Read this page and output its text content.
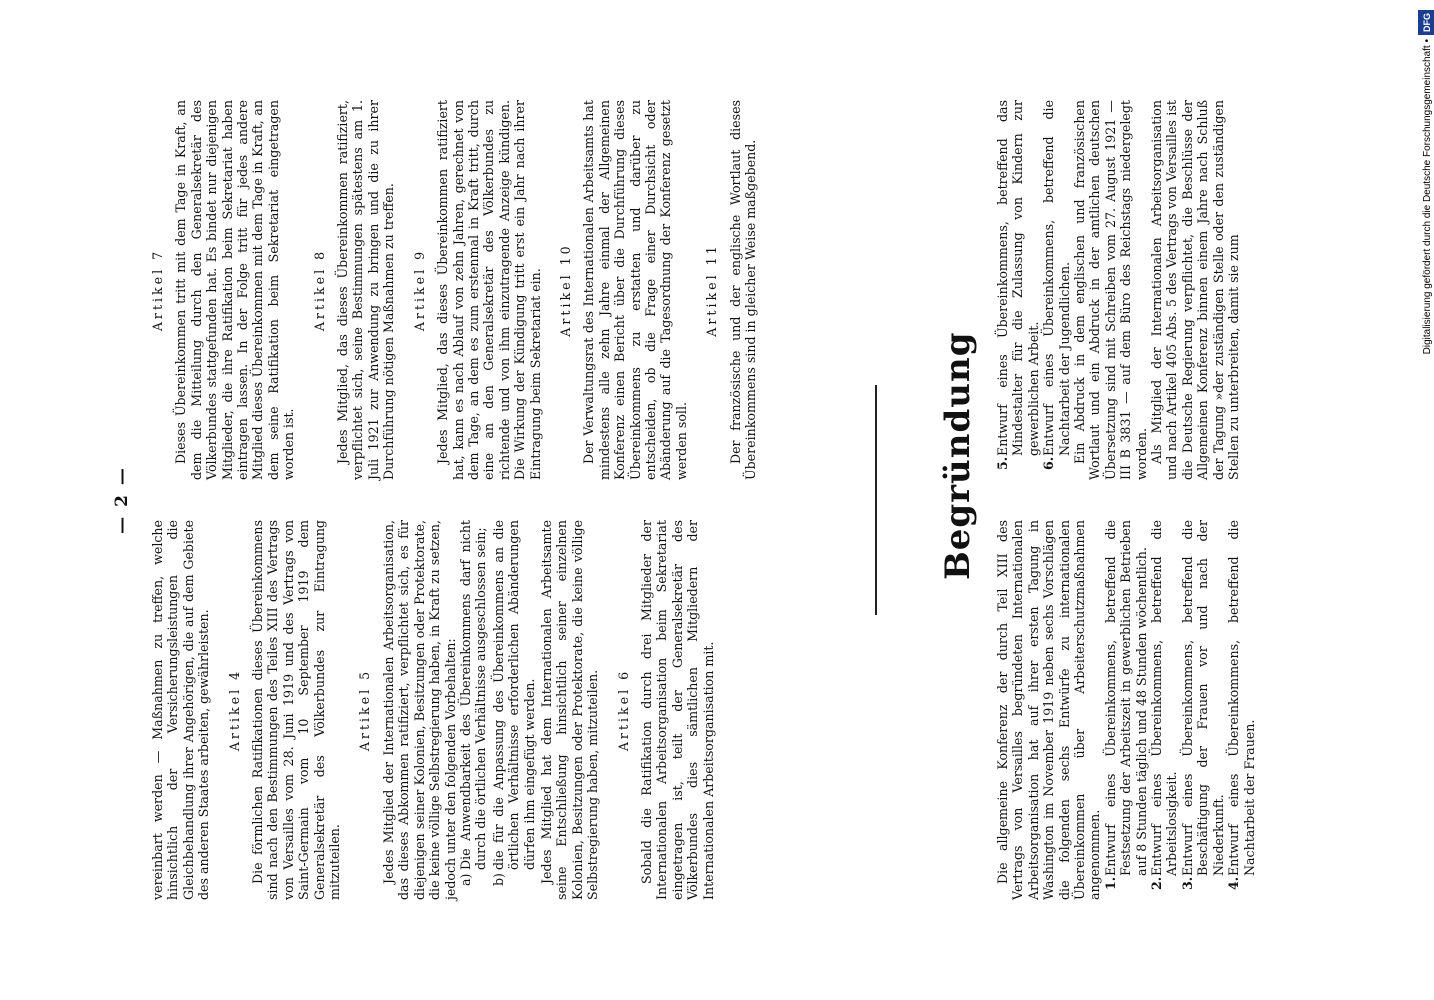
— 2 —

vereinbart werden — Maßnahmen zu treffen, welche hinsichtlich der Versicherungsleistungen die Gleichbehandlung ihrer Angehörigen, die auf dem Gebiete des anderen Staates arbeiten, gewährleisten. Artikel 4 Die förmlichen Ratifikationen dieses Übereinkommens sind nach den Bestimmungen des Teiles XIII des Vertrags von Versailles vom 28. Juni 1919 und des Vertrags von Saint-Germain vom 10 September 1919 dem Generalsekretär des Völkerbundes zur Eintragung mitzuteilen.

Artikel 5 Jedes Mitglied der Internationalen Arbeitsorganisation, das dieses Abkommen ratifiziert, verpflichtet sich, es für diejenigen seiner Kolonien, Besitzungen oder Protektorate, die keine völlige Selbstregierung haben, in Kraft zu setzen, jedoch unter den folgenden Vorbehalten: a)
Die Anwendbarkeit des Übereinkommens darf nicht durch die örtlichen Verhältnisse ausgeschlossen sein;
b)
die für die Anpassung des Übereinkommens an die örtlichen Verhältnisse erforderlichen Abänderungen dürfen ihm eingefügt werden. Jedes Mitglied hat dem Internationalen Arbeitsamte seine Entschließung hinsichtlich seiner einzelnen Kolonien, Besitzungen oder Protektorate, die keine völlige Selbstregierung haben, mitzuteilen. Artikel 6 Sobald die Ratifikation durch drei Mitglieder der Internationalen Arbeitsorganisation beim Sekretariat eingetragen ist, teilt der Generalsekretär des Völkerbundes dies sämtlichen Mitgliedern der Internationalen Arbeitsorganisation mit.

Artikel 7 Dieses Übereinkommen tritt mit dem Tage in Kraft, an dem die Mitteilung durch den Generalsekretär des Völkerbundes stattgefunden hat. Es bindet nur diejenigen Mitglieder, die ihre Ratifikation beim Sekretariat haben eintragen lassen. In der Folge tritt für jedes andere Mitglied dieses Übereinkommen mit dem Tage in Kraft, an dem seine Ratifikation beim Sekretariat eingetragen worden ist.

Artikel 8 Jedes Mitglied, das dieses Übereinkommen ratifiziert, verpflichtet sich, seine Bestimmungen spätestens am 1. Juli 1921 zur Anwendung zu bringen und die zu ihrer Durchführung nötigen Maßnahmen zu treffen. Artikel 9 Jedes Mitglied, das dieses Übereinkommen ratifiziert hat, kann es nach Ablauf von zehn Jahren, gerechnet von dem Tage, an dem es zum erstenmal in Kraft tritt, durch eine an den Generalsekretär des Völkerbundes zu richtende und von ihm einzutragende Anzeige kündigen. Die Wirkung der Kündigung tritt erst ein Jahr nach ihrer Eintragung beim Sekretariat ein. Artikel 10 Der Verwaltungsrat des Internationalen Arbeitsamts hat mindestens alle zehn Jahre einmal der Allgemeinen Konferenz einen Bericht über die Durchführung dieses Übereinkommens zu erstatten und darüber zu entscheiden, ob die Frage einer Durchsicht oder Abänderung auf die Tagesordnung der Konferenz gesetzt werden soll.

Artikel 11 Der französische und der englische Wortlaut dieses Übereinkommens sind in gleicher Weise maßgebend.	Begründung

Die allgemeine Konferenz der durch Teil XIII des Vertrags von Versailles begründeten Internationalen Arbeitsorganisation hat auf ihrer ersten Tagung in Washington im November 1919 neben sechs Vorschlägen die folgenden sechs Entwürfe zu internationalen Übereinkommen über Arbeiterschutzmaßnahmen angenommen. 1.
Entwurf eines Übereinkommens, betreffend die Festsetzung der Arbeitszeit in gewerblichen Betrieben auf 8 Stunden täglich und 48 Stunden wöchentlich.
2.
Entwurf eines Übereinkommens, betreffend die Arbeitslosigkeit.
3.
Entwurf eines Übereinkommens, betreffend die Beschäftigung der Frauen vor und nach der Niederkunft.
4.
Entwurf eines Übereinkommens, betreffend die Nachtarbeit der Frauen.
5.
Entwurf eines Übereinkommens, betreffend das Mindestalter für die Zulassung von Kindern zur gewerblichen Arbeit.
6.
Entwurf eines Übereinkommens, betreffend die Nachtarbeit der Jugendlichen. Ein Abdruck in dem englischen und französischen Wortlaut und ein Abdruck in der amtlichen deutschen Übersetzung sind mit Schreiben vom 27. August 1921 — III B 3831 — auf dem Büro des Reichstags niedergelegt worden. Als Mitglied der Internationalen Arbeitsorganisation und nach Artikel 405 Abs. 5 des Vertrags von Versailles ist die Deutsche Regierung verpflichtet, die Beschlüsse der Allgemeinen Konferenz binnen einem Jahre nach Schluß der Tagung »der zuständigen Stelle oder den zuständigen Stellen zu unterbreiten, damit sie zum

Digitalisierung gefördert durch die Deutsche Forschungsgemeinschaft •DFG
